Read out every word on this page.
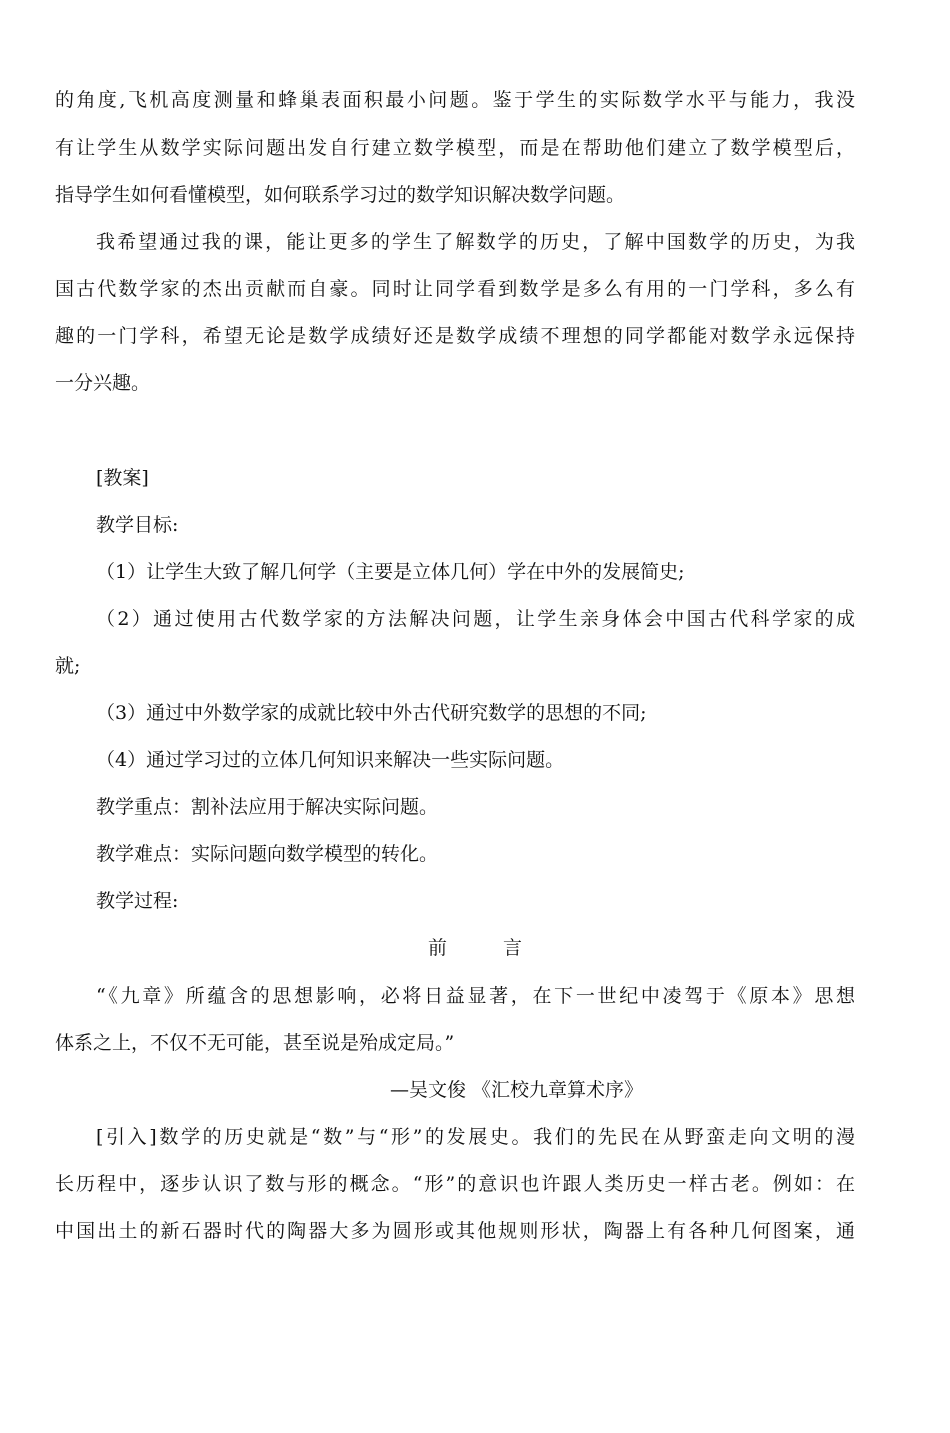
的角度,飞机高度测量和蜂巢表面积最小问题。鉴于学生的实际数学水平与能力，我没
有让学生从数学实际问题出发自行建立数学模型，而是在帮助他们建立了数学模型后，
指导学生如何看懂模型，如何联系学习过的数学知识解决数学问题。
我希望通过我的课，能让更多的学生了解数学的历史，了解中国数学的历史，为我
国古代数学家的杰出贡献而自豪。同时让同学看到数学是多么有用的一门学科，多么有
趣的一门学科，希望无论是数学成绩好还是数学成绩不理想的同学都能对数学永远保持
一分兴趣。
[教案]
教学目标:
（1）让学生大致了解几何学（主要是立体几何）学在中外的发展简史;
（2）通过使用古代数学家的方法解决问题，让学生亲身体会中国古代科学家的成
就;
（3）通过中外数学家的成就比较中外古代研究数学的思想的不同;
（4）通过学习过的立体几何知识来解决一些实际问题。
教学重点：割补法应用于解决实际问题。
教学难点：实际问题向数学模型的转化。
教学过程:
前言
“《九章》所蕴含的思想影响，必将日益显著，在下一世纪中凌驾于《原本》思想
体系之上，不仅不无可能，甚至说是殆成定局。”
—吴文俊 《汇校九章算术序》
[引入]数学的历史就是“数”与“形”的发展史。我们的先民在从野蛮走向文明的漫
长历程中，逐步认识了数与形的概念。“形”的意识也许跟人类历史一样古老。例如：在
中国出土的新石器时代的陶器大多为圆形或其他规则形状，陶器上有各种几何图案，通
